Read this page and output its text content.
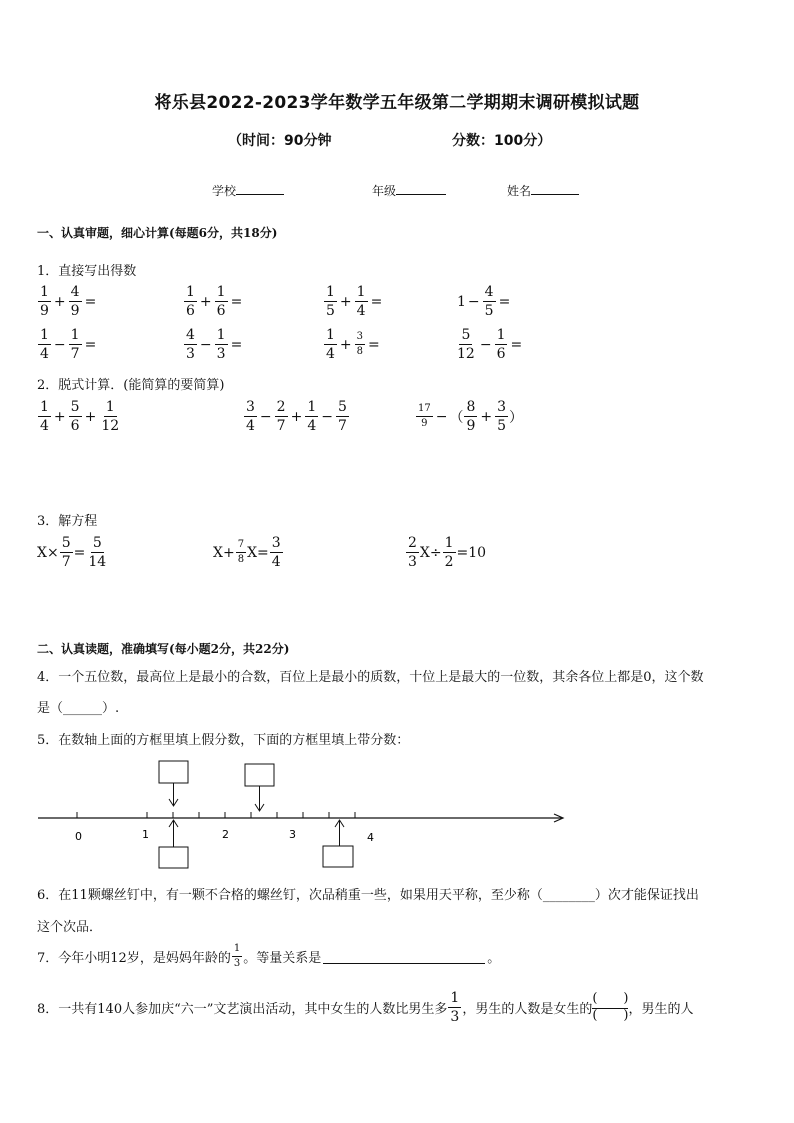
将乐县2022-2023学年数学五年级第二学期期末调研模拟试题
（时间：90分钟	分数：100分）
学校	年级	姓名
一、认真审题，细心计算(每题6分，共18分)
1．直接写出得数
$\frac{1}{9} + \frac{4}{9}$ =	$\frac{1}{6} + \frac{1}{6}$ =	$\frac{1}{5} + \frac{1}{4}$ =	$1 - \frac{4}{5}$ =
$\frac{1}{4} - \frac{1}{7}$ =	$\frac{4}{3} - \frac{1}{3}$ =	$\frac{1}{4} + \frac{3}{8}$ =	$\frac{5}{12} - \frac{1}{6}$ =
2．脱式计算．(能简算的要简算)
$\frac{1}{4} + \frac{5}{6} + \frac{1}{12}$	$\frac{3}{4} - \frac{2}{7} + \frac{1}{4} - \frac{5}{7}$	$\frac{17}{9}$ − （ $\frac{8}{9} + \frac{3}{5}$ ）
3．解方程
$X\times \frac{5}{7} = \frac{5}{14}$	$X+ \frac{7}{8} X= \frac{3}{4}$	$\frac{2}{3} X\div \frac{1}{2} =10$
二、认真读题，准确填写(每小题2分，共22分)
4．一个五位数，最高位上是最小的合数，百位上是最小的质数，十位上是最大的一位数，其余各位上都是0，这个数
是（______）.
5．在数轴上面的方框里填上假分数，下面的方框里填上带分数：
0	1	2	3	4
6．在11颗螺丝钉中，有一颗不合格的螺丝钉，次品稍重一些，如果用天平称，至少称（________）次才能保证找出
这个次品．
7．今年小明12岁，是妈妈年龄的 $\frac{1}{3}$ 。等量关系是	。
8．一共有140人参加庆“六一”文艺演出活动，其中女生的人数比男生多 $\frac{1}{3}$ ，男生的人数是女生的 $\frac{( )}{( )}$ ，男生的人
